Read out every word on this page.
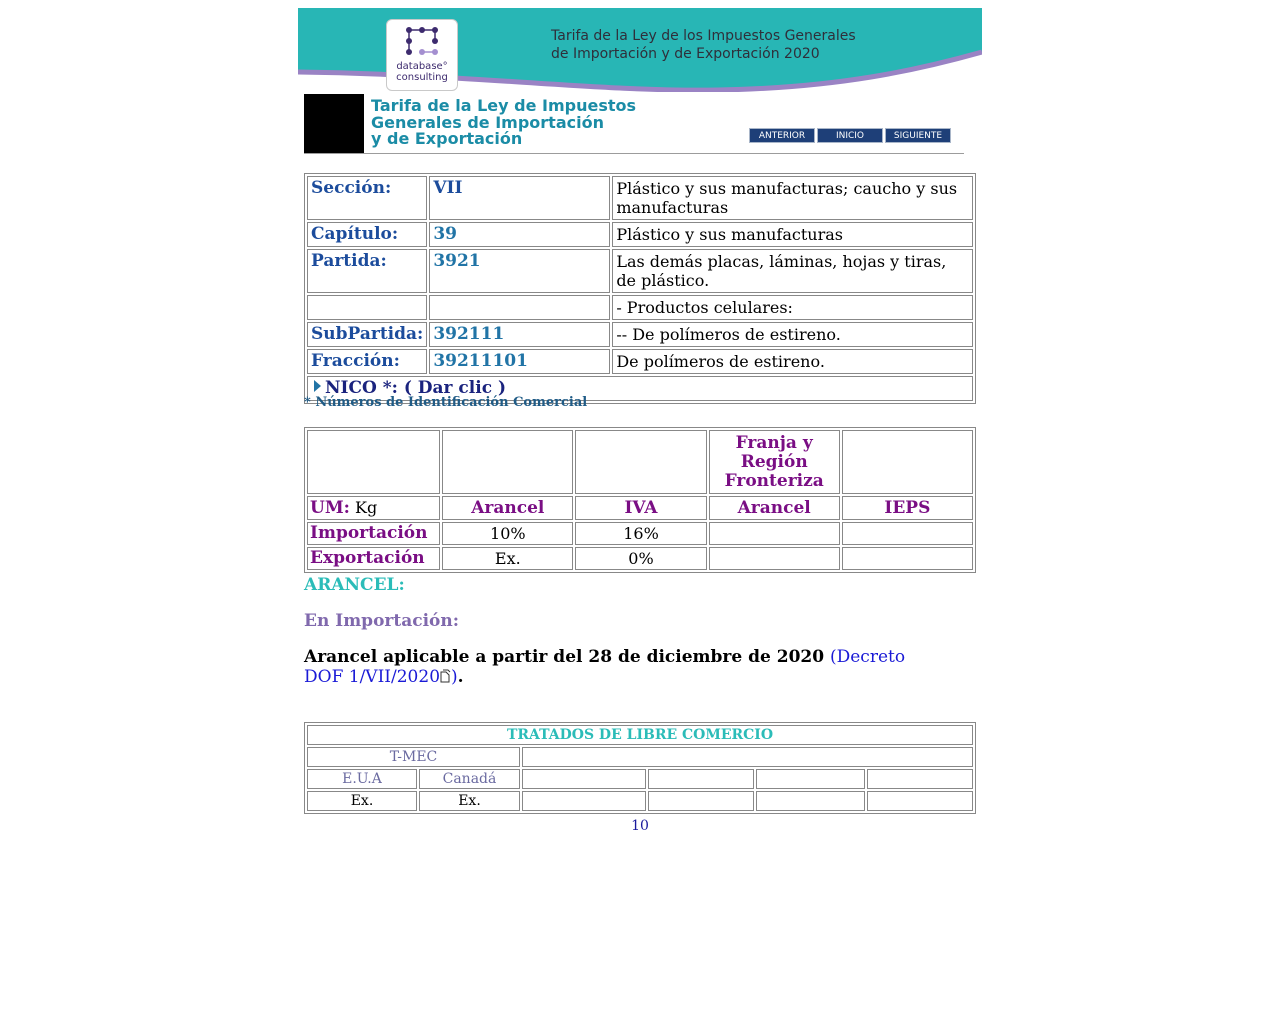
database°
consulting
Tarifa de la Ley de los Impuestos Generales
de Importación y de Exportación 2020
Tarifa de la Ley de Impuestos
Generales de Importación
y de Exportación	ANTERIOR	INICIO	SIGUIENTE
Sección:	VII	Plástico y sus manufacturas; caucho y sus manufacturas
Capítulo:	39	Plástico y sus manufacturas
Partida:	3921	Las demás placas, láminas, hojas y tiras, de plástico.
		- Productos celulares:
SubPartida:	392111	-- De polímeros de estireno.
Fracción:	39211101	De polímeros de estireno.
NICO *: ( Dar clic )		
* Números de Identificación Comercial
			Franja y Región Fronteriza	
UM: Kg	Arancel	IVA	Arancel	IEPS
Importación	10%	16%		
Exportación	Ex.	0%		
ARANCEL:
En Importación:
Arancel aplicable a partir del 28 de diciembre de 2020 (Decreto DOF 1/VII/2020 ).
TRATADOS DE LIBRE COMERCIO					
T-MEC					
E.U.A	Canadá				
Ex.	Ex.				
10
